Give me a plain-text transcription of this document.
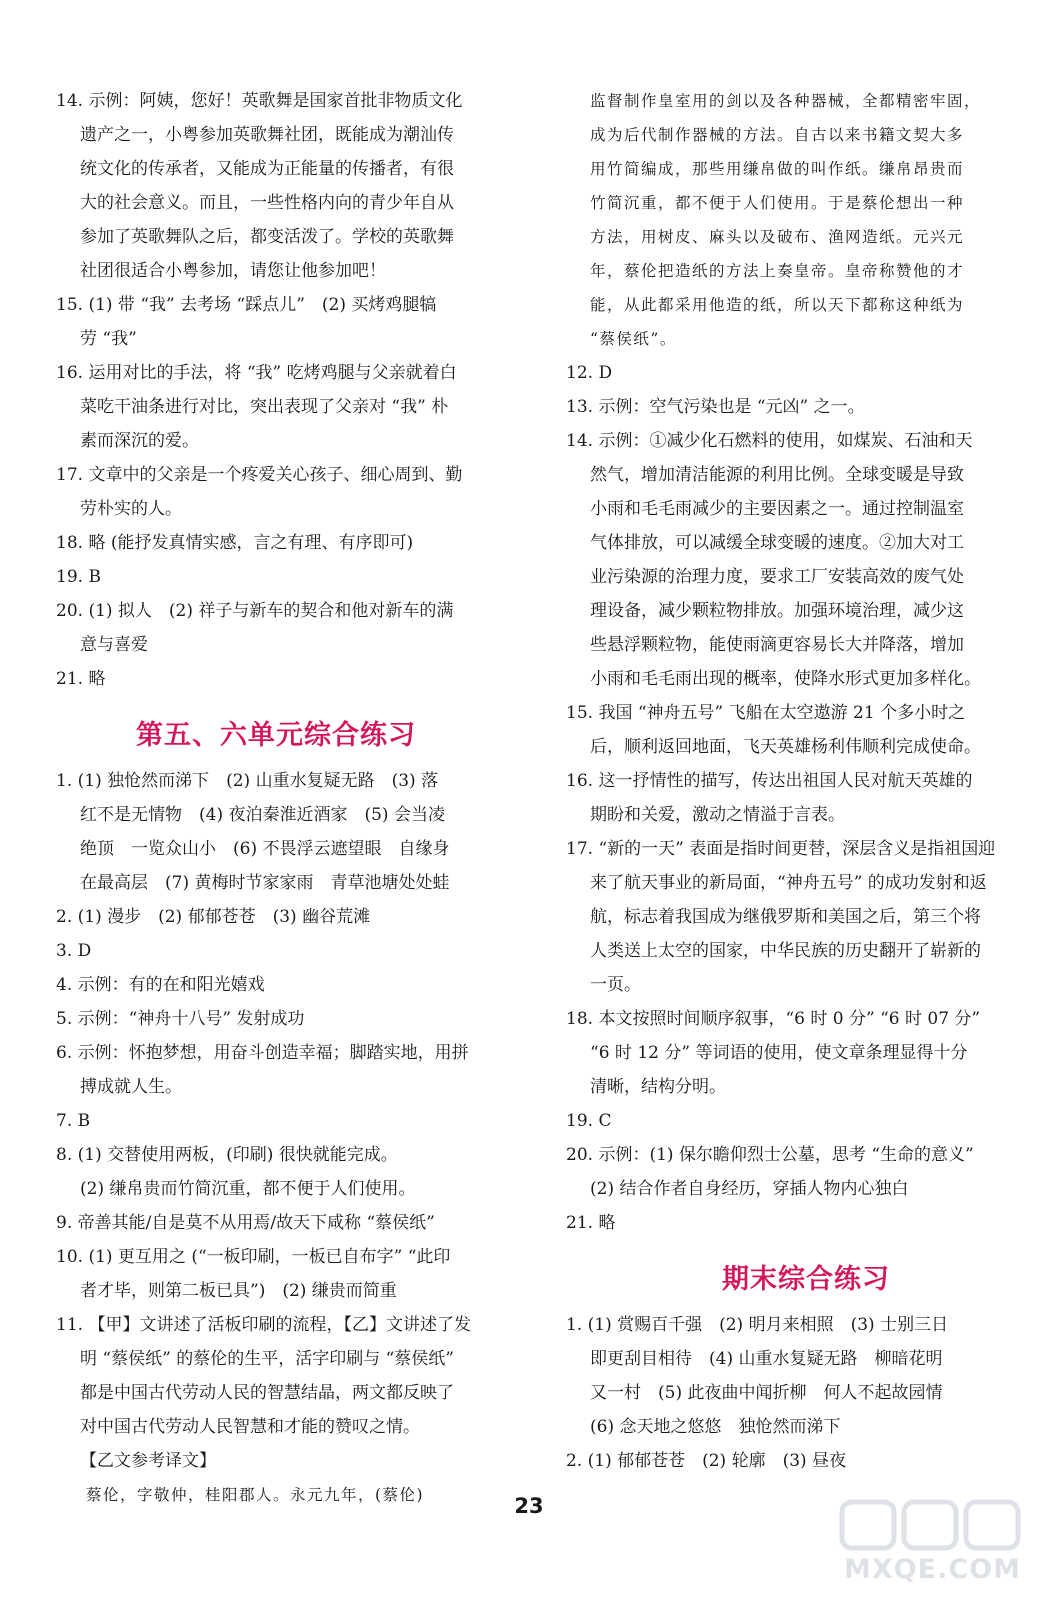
14. 示例：阿姨，您好！英歌舞是国家首批非物质文化
遗产之一，小粤参加英歌舞社团，既能成为潮汕传
统文化的传承者，又能成为正能量的传播者，有很
大的社会意义。而且，一些性格内向的青少年自从
参加了英歌舞队之后，都变活泼了。学校的英歌舞
社团很适合小粤参加，请您让他参加吧！
15. (1) 带 “我” 去考场 “踩点儿”　(2) 买烤鸡腿犒
劳 “我”
16. 运用对比的手法，将 “我” 吃烤鸡腿与父亲就着白
菜吃干油条进行对比，突出表现了父亲对 “我” 朴
素而深沉的爱。
17. 文章中的父亲是一个疼爱关心孩子、细心周到、勤
劳朴实的人。
18. 略 (能抒发真情实感，言之有理、有序即可)
19. B
20. (1) 拟人　(2) 祥子与新车的契合和他对新车的满
意与喜爱
21. 略
第五、六单元综合练习
1. (1) 独怆然而涕下　(2) 山重水复疑无路　(3) 落
红不是无情物　(4) 夜泊秦淮近酒家　(5) 会当凌
绝顶　一览众山小　(6) 不畏浮云遮望眼　自缘身
在最高层　(7) 黄梅时节家家雨　青草池塘处处蛙
2. (1) 漫步　(2) 郁郁苍苍　(3) 幽谷荒滩
3. D
4. 示例：有的在和阳光嬉戏
5. 示例：“神舟十八号” 发射成功
6. 示例：怀抱梦想，用奋斗创造幸福；脚踏实地，用拼
搏成就人生。
7. B
8. (1) 交替使用两板，(印刷) 很快就能完成。
(2) 缣帛贵而竹简沉重，都不便于人们使用。
9. 帝善其能/自是莫不从用焉/故天下咸称 “蔡侯纸”
10. (1) 更互用之 (“一板印刷，一板已自布字” “此印
者才毕，则第二板已具”)　(2) 缣贵而简重
11. 【甲】文讲述了活板印刷的流程，【乙】文讲述了发
明 “蔡侯纸” 的蔡伦的生平，活字印刷与 “蔡侯纸”
都是中国古代劳动人民的智慧结晶，两文都反映了
对中国古代劳动人民智慧和才能的赞叹之情。
【乙文参考译文】
蔡伦，字敬仲，桂阳郡人。永元九年，(蔡伦)
监督制作皇室用的剑以及各种器械，全都精密牢固，
成为后代制作器械的方法。自古以来书籍文契大多
用竹简编成，那些用缣帛做的叫作纸。缣帛昂贵而
竹简沉重，都不便于人们使用。于是蔡伦想出一种
方法，用树皮、麻头以及破布、渔网造纸。元兴元
年，蔡伦把造纸的方法上奏皇帝。皇帝称赞他的才
能，从此都采用他造的纸，所以天下都称这种纸为
“蔡侯纸”。
12. D
13. 示例：空气污染也是 “元凶” 之一。
14. 示例：①减少化石燃料的使用，如煤炭、石油和天
然气，增加清洁能源的利用比例。全球变暖是导致
小雨和毛毛雨减少的主要因素之一。通过控制温室
气体排放，可以减缓全球变暖的速度。②加大对工
业污染源的治理力度，要求工厂安装高效的废气处
理设备，减少颗粒物排放。加强环境治理，减少这
些悬浮颗粒物，能使雨滴更容易长大并降落，增加
小雨和毛毛雨出现的概率，使降水形式更加多样化。
15. 我国 “神舟五号” 飞船在太空遨游 21 个多小时之
后，顺利返回地面，飞天英雄杨利伟顺利完成使命。
16. 这一抒情性的描写，传达出祖国人民对航天英雄的
期盼和关爱，激动之情溢于言表。
17. “新的一天” 表面是指时间更替，深层含义是指祖国迎
来了航天事业的新局面，“神舟五号” 的成功发射和返
航，标志着我国成为继俄罗斯和美国之后，第三个将
人类送上太空的国家，中华民族的历史翻开了崭新的
一页。
18. 本文按照时间顺序叙事，“6 时 0 分” “6 时 07 分”
“6 时 12 分” 等词语的使用，使文章条理显得十分
清晰，结构分明。
19. C
20. 示例：(1) 保尔瞻仰烈士公墓，思考 “生命的意义”
(2) 结合作者自身经历，穿插人物内心独白
21. 略
期末综合练习
1. (1) 赏赐百千强　(2) 明月来相照　(3) 士别三日
即更刮目相待　(4) 山重水复疑无路　柳暗花明
又一村　(5) 此夜曲中闻折柳　何人不起故园情
(6) 念天地之悠悠　独怆然而涕下
2. (1) 郁郁苍苍　(2) 轮廓　(3) 昼夜
23
MXQE.COM
